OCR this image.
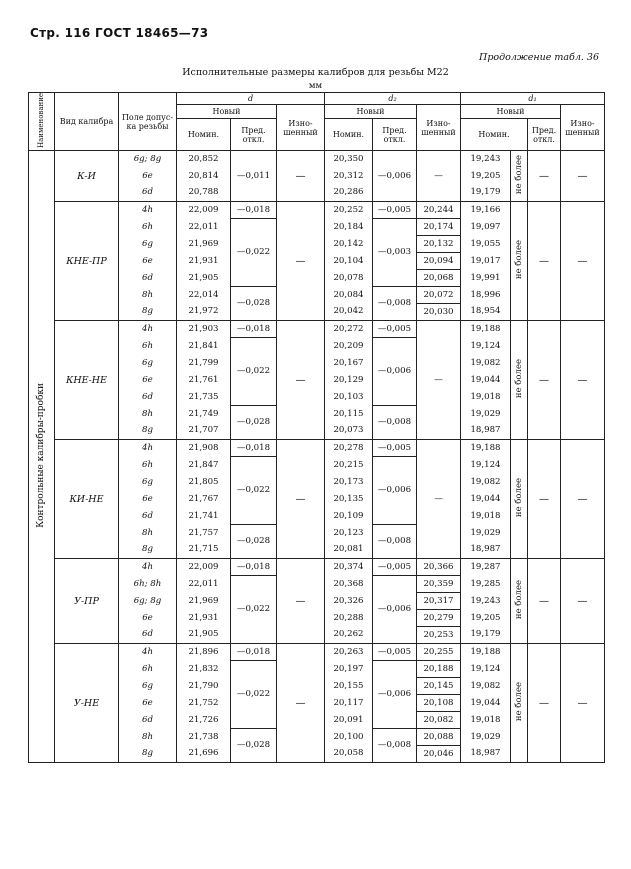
Стр. 116 ГОСТ 18465—73
Продолжение табл. 36
Исполнительные размеры калибров для резьбы М22
мм
Наименование	Вид калибра	Поле допус-ка резьбы	d			d₂			d₁			
			Новый		Изно-шенный	Новый		Изно-шенный	Новый			Изно-шенный
			Номин.	Пред. откл.		Номин.	Пред. откл.		Номин.		Пред. откл.	
Контрольные калибры-пробки	К-И	6g; 8g	20,852	—0,011	—	20,350	—0,006	—	19,243	не более	—	—
		6e	20,814			20,312			19,205			
		6d	20,788			20,286			19,179			
	КНЕ-ПР	4h	22,009	—0,018	—	20,252	—0,005	20,244	19,166	не более	—	—
		6h	22,011	—0,022		20,184	—0,003	20,174	19,097			
		6g	21,969			20,142		20,132	19,055			
		6e	21,931			20,104		20,094	19,017			
		6d	21,905			20,078		20,068	19,991			
		8h	22,014	—0,028		20,084	—0,008	20,072	18,996			
		8g	21,972			20,042		20,030	18,954			
	КНЕ-НЕ	4h	21,903	—0,018	—	20,272	—0,005	—	19,188	не более	—	—
		6h	21,841	—0,022		20,209	—0,006		19,124			
		6g	21,799			20,167			19,082			
		6e	21,761			20,129			19,044			
		6d	21,735			20,103			19,018			
		8h	21,749	—0,028		20,115	—0,008		19,029			
		8g	21,707			20,073			18,987			
	КИ-НЕ	4h	21,908	—0,018	—	20,278	—0,005	—	19,188	не более	—	—
		6h	21,847	—0,022		20,215	—0,006		19,124			
		6g	21,805			20,173			19,082			
		6e	21,767			20,135			19,044			
		6d	21,741			20,109			19,018			
		8h	21,757	—0,028		20,123	—0,008		19,029			
		8g	21,715			20,081			18,987			
	У-ПР	4h	22,009	—0,018	—	20,374	—0,005	20,366	19,287	не более	—	—
		6h; 8h	22,011	—0,022		20,368	—0,006	20,359	19,285			
		6g; 8g	21,969			20,326		20,317	19,243			
		6e	21,931			20,288		20,279	19,205			
		6d	21,905			20,262		20,253	19,179			
	У-НЕ	4h	21,896	—0,018	—	20,263	—0,005	20,255	19,188	не более	—	—
		6h	21,832	—0,022		20,197	—0,006	20,188	19,124			
		6g	21,790			20,155		20,145	19,082			
		6e	21,752			20,117		20,108	19,044			
		6d	21,726			20,091		20,082	19,018			
		8h	21,738	—0,028		20,100	—0,008	20,088	19,029			
		8g	21,696			20,058		20,046	18,987			
